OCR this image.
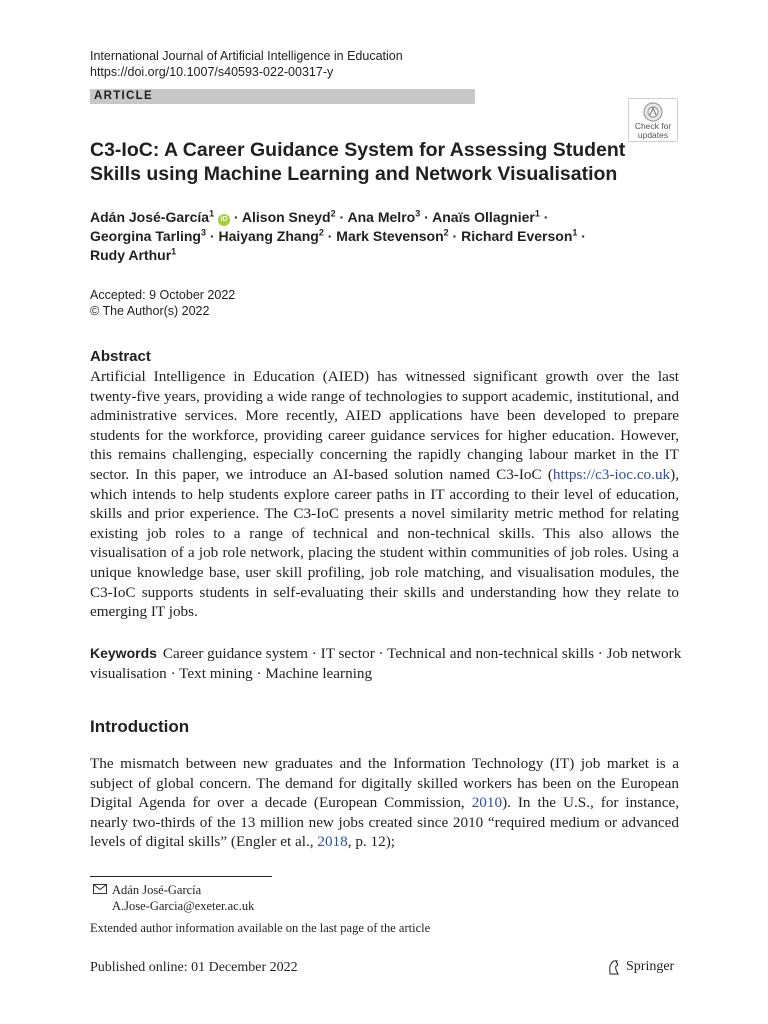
International Journal of Artificial Intelligence in Education
https://doi.org/10.1007/s40593-022-00317-y
ARTICLE
Check for
updates
C3-IoC: A Career Guidance System for Assessing Student
Skills using Machine Learning and Network Visualisation
Adán José-García$^1$ iD · Alison Sneyd$^2$ · Ana Melro$^3$ · Anaïs Ollagnier$^1$ ·
Georgina Tarling$^3$ · Haiyang Zhang$^2$ · Mark Stevenson$^2$ · Richard Everson$^1$ ·
Rudy Arthur$^1$
Accepted: 9 October 2022
© The Author(s) 2022
Abstract

Artificial Intelligence in Education (AIED) has witnessed significant growth over the last twenty-five years, providing a wide range of technologies to support academic, institutional, and administrative services. More recently, AIED applications have been developed to prepare students for the workforce, providing career guidance services for higher education. However, this remains challenging, especially concerning the rapidly changing labour market in the IT sector. In this paper, we introduce an AI-based solution named C3-IoC (https://c3-ioc.co.uk), which intends to help students explore career paths in IT according to their level of education, skills and prior experience. The C3-IoC presents a novel similarity metric method for relating existing job roles to a range of technical and non-technical skills. This also allows the visualisation of a job role network, placing the student within communities of job roles. Using a unique knowledge base, user skill profiling, job role matching, and visualisation modules, the C3-IoC supports students in self-evaluating their skills and understanding how they relate to emerging IT jobs.

Keywords Career guidance system · IT sector · Technical and non-technical skills · Job network visualisation · Text mining · Machine learning

Introduction

The mismatch between new graduates and the Information Technology (IT) job market is a subject of global concern. The demand for digitally skilled workers has been on the European Digital Agenda for over a decade (European Commission, 2010). In the U.S., for instance, nearly two-thirds of the 13 million new jobs created since 2010 “required medium or advanced levels of digital skills” (Engler et al., 2018, p. 12);

Adán José-García
A.Jose-Garcia@exeter.ac.uk
Extended author information available on the last page of the article
Published online: 01 December 2022	Springer
